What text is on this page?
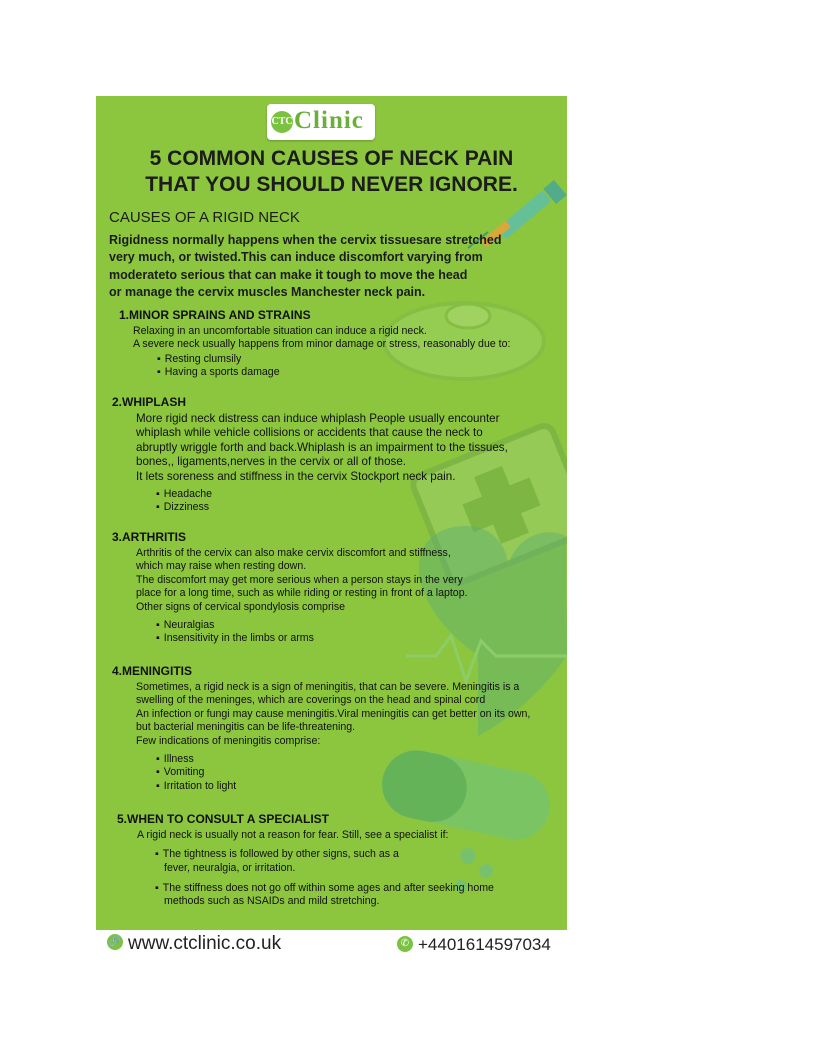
CTC Clinic
5 COMMON CAUSES OF NECK PAIN
THAT YOU SHOULD NEVER IGNORE.
CAUSES OF A RIGID NECK
Rigidness normally happens when the cervix tissuesare stretched
very much, or twisted.This can induce discomfort varying from
moderateto serious that can make it tough to move the head
or manage the cervix muscles Manchester neck pain.
1.MINOR SPRAINS AND STRAINS
Relaxing in an uncomfortable situation can induce a rigid neck.
A severe neck usually happens from minor damage or stress, reasonably due to:
▪ Resting clumsily
▪ Having a sports damage
2.WHIPLASH
More rigid neck distress can induce whiplash People usually encounter
whiplash while vehicle collisions or accidents that cause the neck to
abruptly wriggle forth and back.Whiplash is an impairment to the tissues,
bones,, ligaments,nerves in the cervix or all of those.
It lets soreness and stiffness in the cervix Stockport neck pain.
▪ Headache
▪ Dizziness
3.ARTHRITIS
Arthritis of the cervix can also make cervix discomfort and stiffness,
which may raise when resting down.
The discomfort may get more serious when a person stays in the very
place for a long time, such as while riding or resting in front of a laptop.
Other signs of cervical spondylosis comprise
▪ Neuralgias
▪ Insensitivity in the limbs or arms
4.MENINGITIS
Sometimes, a rigid neck is a sign of meningitis, that can be severe. Meningitis is a
swelling of the meninges, which are coverings on the head and spinal cord
An infection or fungi may cause meningitis.Viral meningitis can get better on its own,
but bacterial meningitis can be life-threatening.
Few indications of meningitis comprise:
▪ Illness
▪ Vomiting
▪ Irritation to light
5.WHEN TO CONSULT A SPECIALIST
A rigid neck is usually not a reason for fear. Still, see a specialist if:
▪ The tightness is followed by other signs, such as a
fever, neuralgia, or irritation.
▪ The stiffness does not go off within some ages and after seeking home
methods such as NSAIDs and mild stretching.
🔗 www.ctclinic.co.uk	✆ +4401614597034
